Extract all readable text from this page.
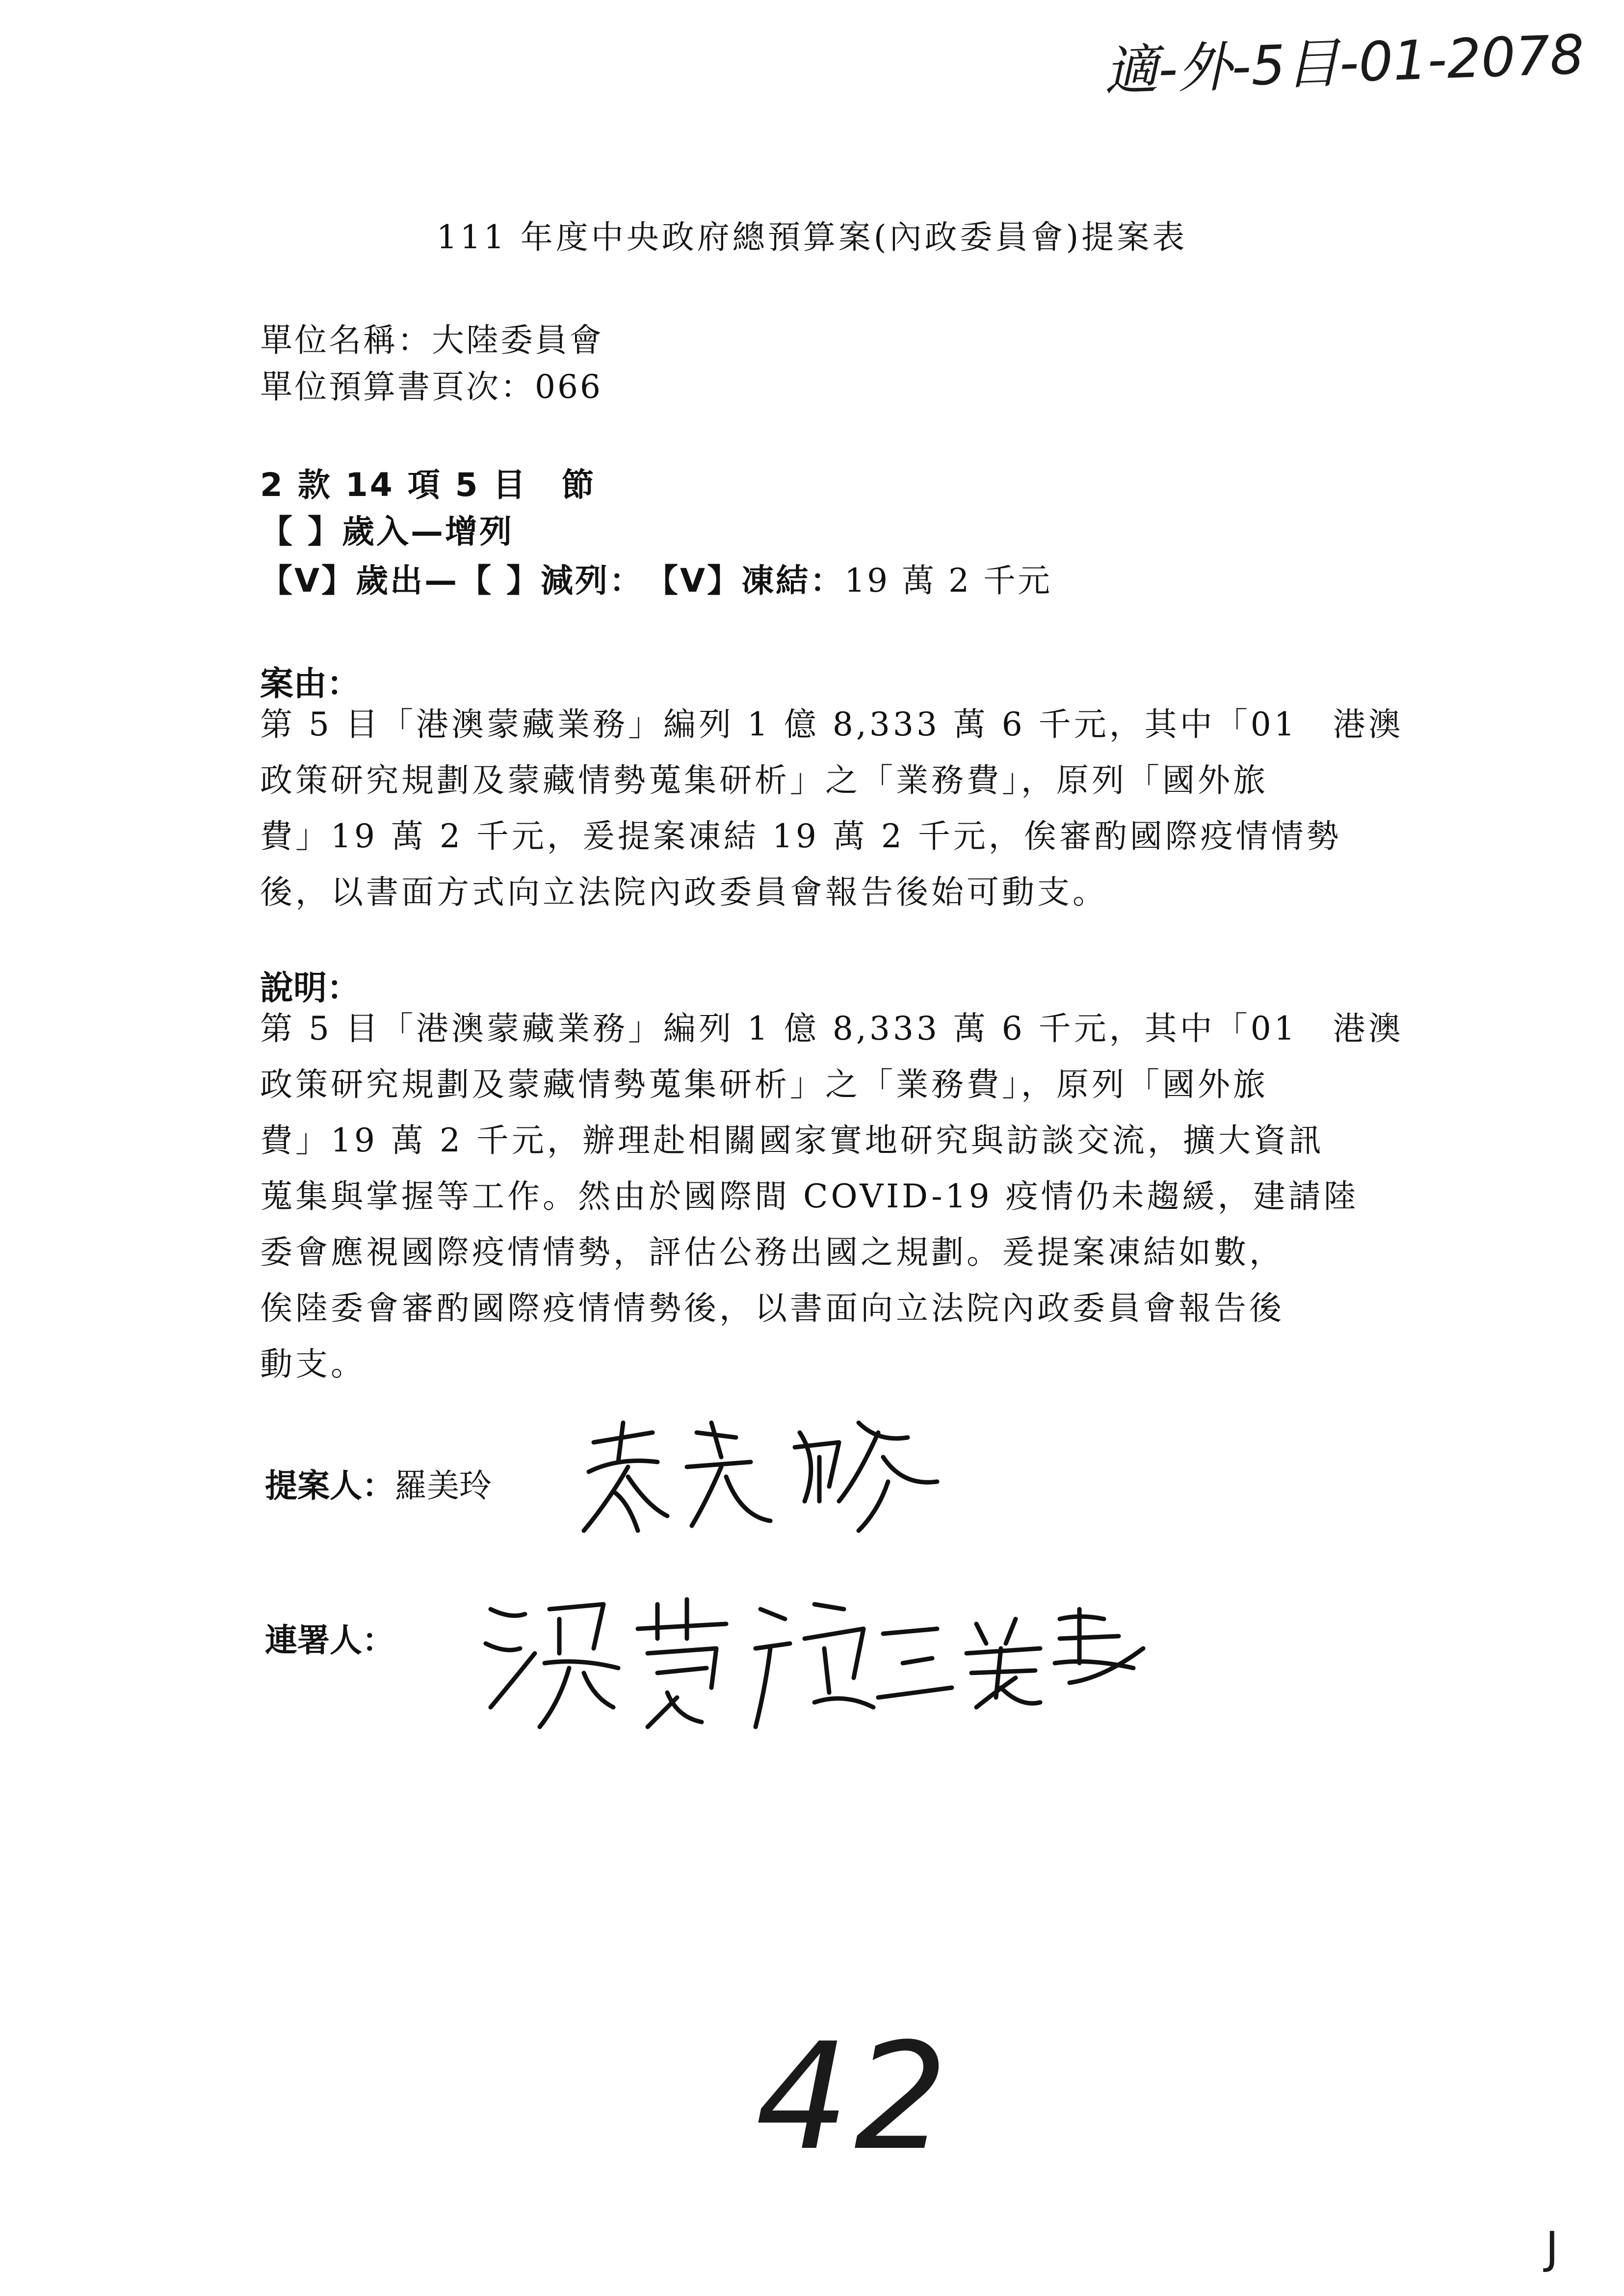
適-外-5目-01-2078
111 年度中央政府總預算案(內政委員會)提案表
單位名稱：大陸委員會
單位預算書頁次：066
2 款 14 項 5 目　節
【 】歲入—增列
【V】歲出—【 】減列：　【V】凍結：19 萬 2 千元
案由：
第 5 目「港澳蒙藏業務」編列 1 億 8,333 萬 6 千元，其中「01　港澳
政策研究規劃及蒙藏情勢蒐集研析」之「業務費」，原列「國外旅
費」19 萬 2 千元，爰提案凍結 19 萬 2 千元，俟審酌國際疫情情勢
後，以書面方式向立法院內政委員會報告後始可動支。
說明：
第 5 目「港澳蒙藏業務」編列 1 億 8,333 萬 6 千元，其中「01　港澳
政策研究規劃及蒙藏情勢蒐集研析」之「業務費」，原列「國外旅
費」19 萬 2 千元，辦理赴相關國家實地研究與訪談交流，擴大資訊
蒐集與掌握等工作。然由於國際間 COVID-19 疫情仍未趨緩，建請陸
委會應視國際疫情情勢，評估公務出國之規劃。爰提案凍結如數，
俟陸委會審酌國際疫情情勢後，以書面向立法院內政委員會報告後
動支。
提案人：羅美玲
連署人：
42
J
